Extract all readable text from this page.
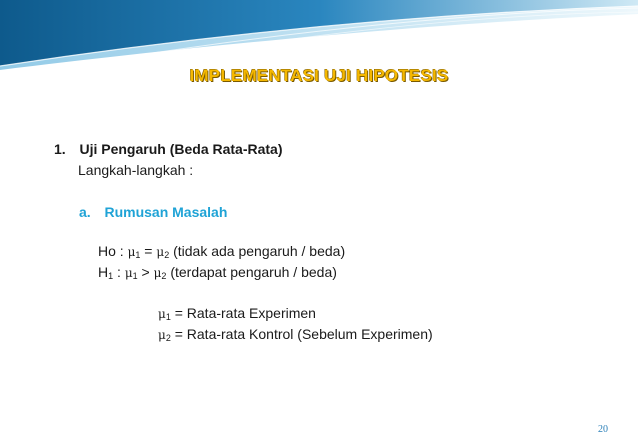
IMPLEMENTASI UJI HIPOTESIS
1. Uji Pengaruh (Beda Rata-Rata)
Langkah-langkah :
a. Rumusan Masalah
Ho : $\mu_1 = \mu_2$ (tidak ada pengaruh / beda)
$H_1$ : $\mu_1 > \mu_2$ (terdapat pengaruh / beda)
$\mu_1$ = Rata-rata Experimen
$\mu_2$ = Rata-rata Kontrol (Sebelum Experimen)
20
